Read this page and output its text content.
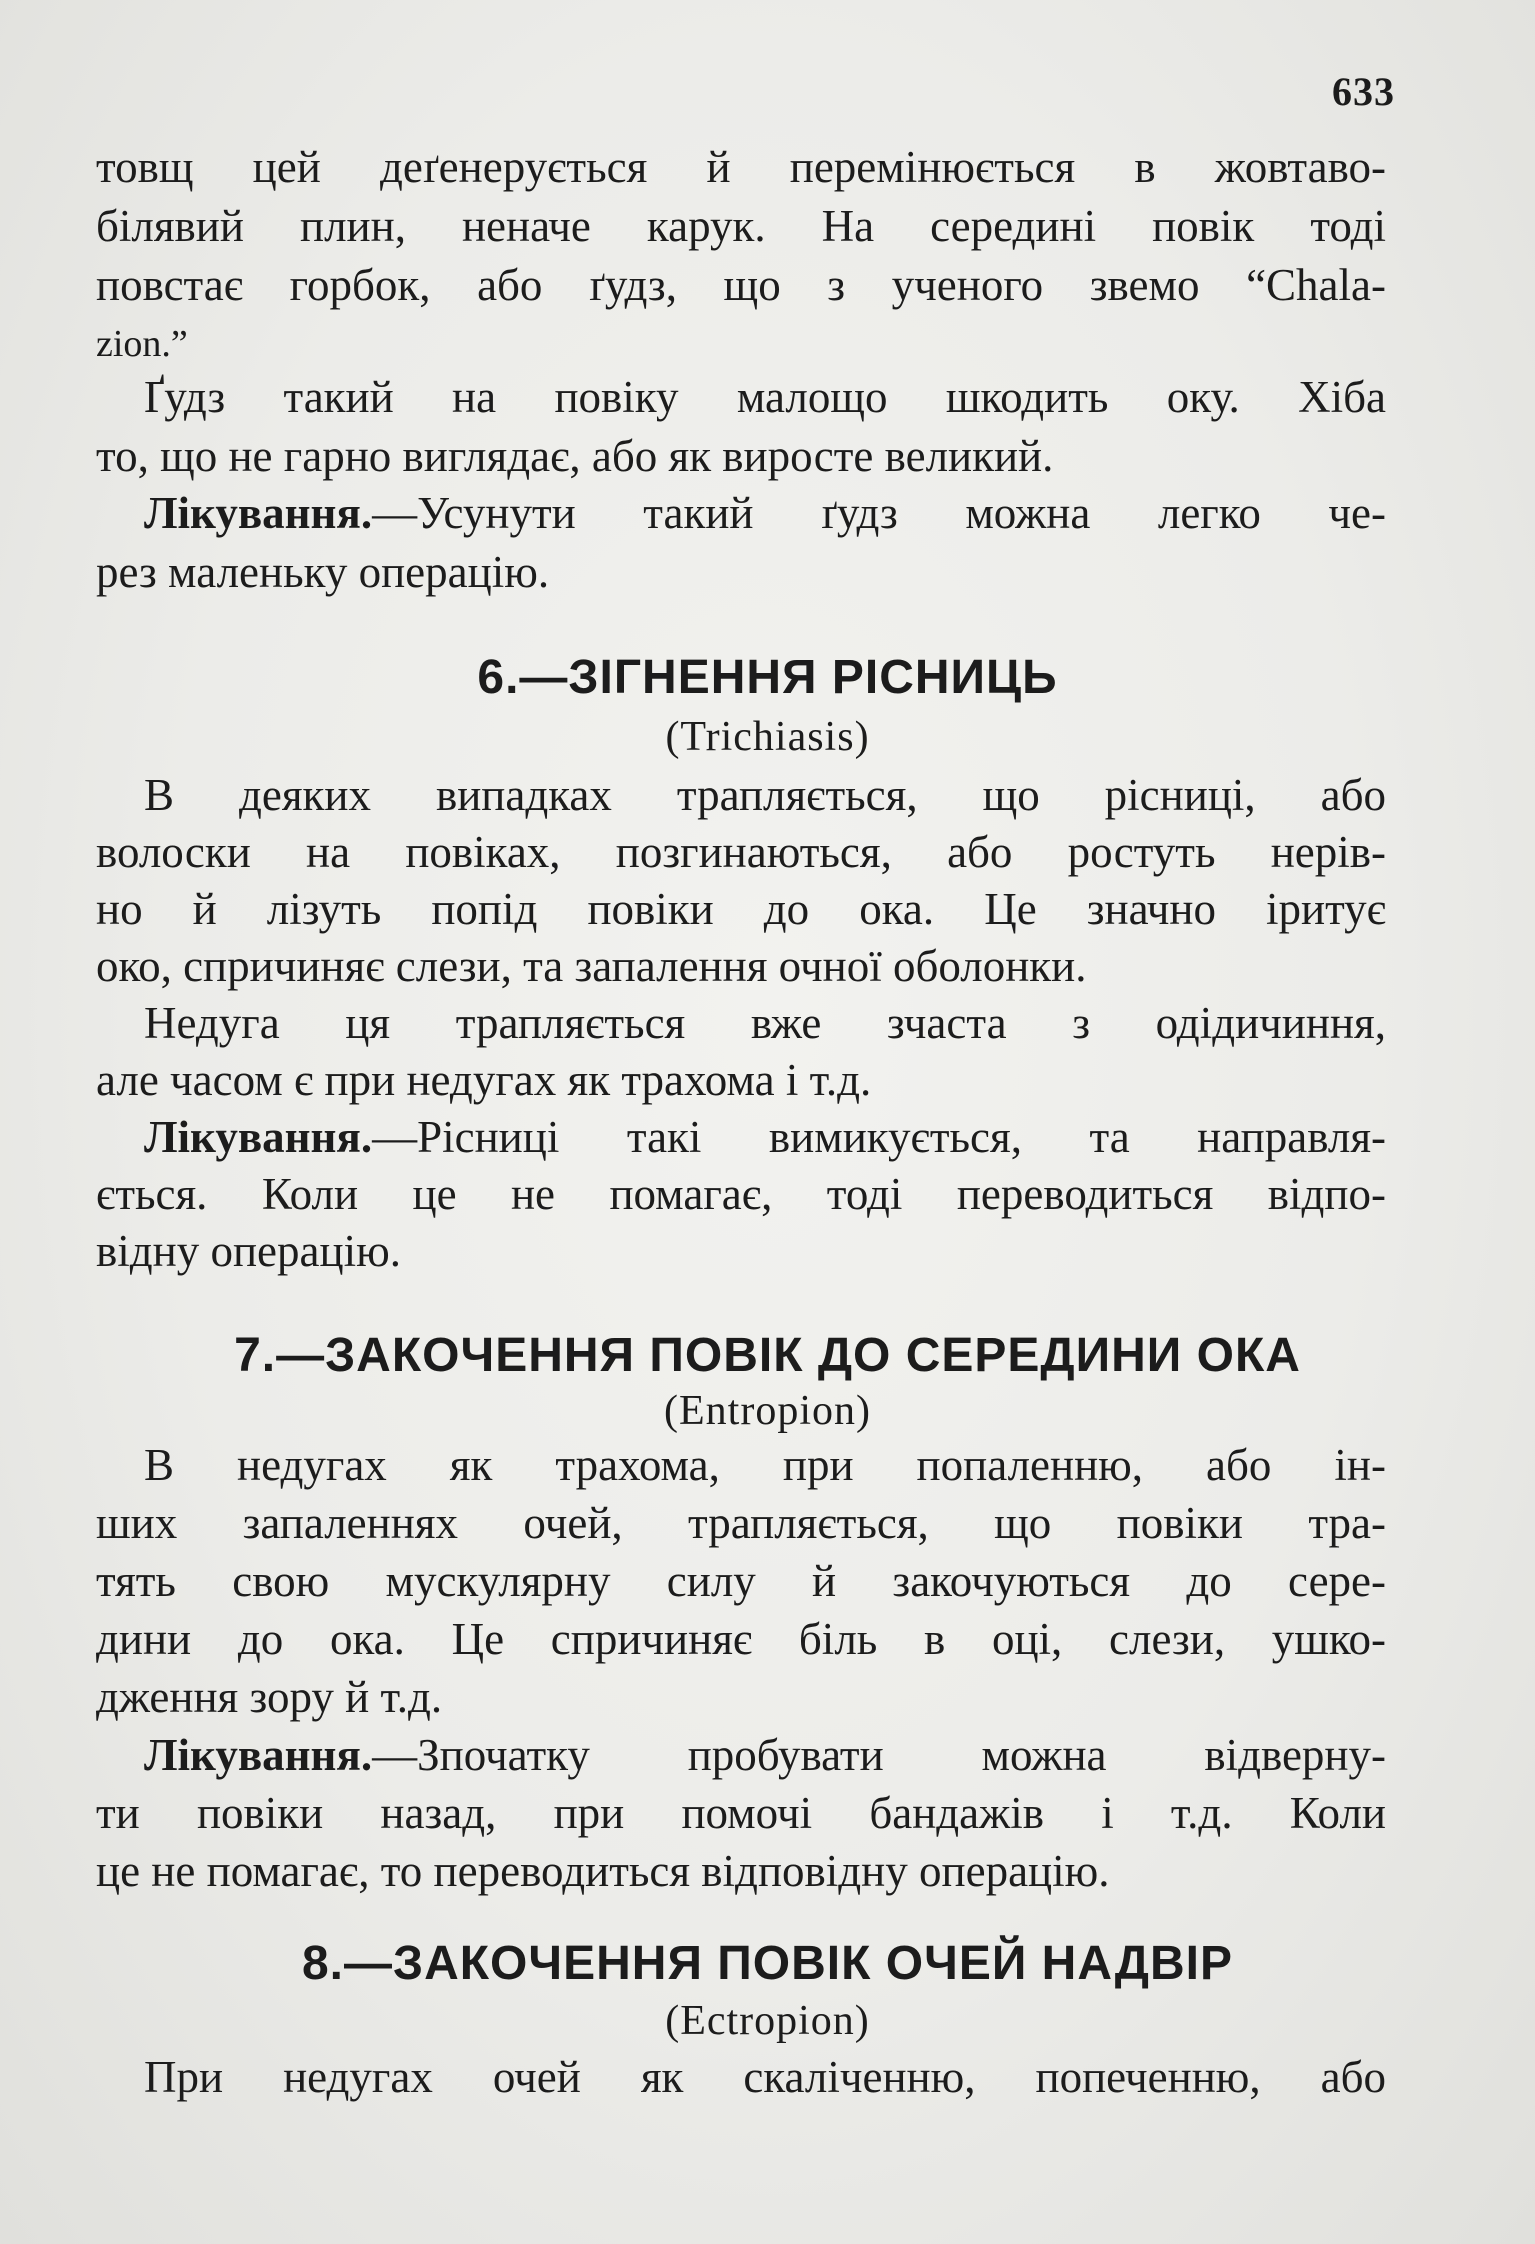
633
товщ цей деґенерується й перемінюється в жовтаво-
білявий плин, неначе карук. На середині повік тоді
повстає горбок, або ґудз, що з ученого звемо “Chala-
zion.”
Ґудз такий на повіку малощо шкодить оку. Хіба
то, що не гарно виглядає, або як виросте великий.
Лікування.—Усунути такий ґудз можна легко че-
рез маленьку операцію.
6.—ЗІГНЕННЯ РІСНИЦЬ
(Trichiasis)
В деяких випадках трапляється, що рісниці, або
волоски на повіках, позгинаються, або ростуть нерів-
но й лізуть попід повіки до ока. Це значно іритує
око, спричиняє слези, та запалення очної оболонки.
Недуга ця трапляється вже зчаста з одідичиння,
але часом є при недугах як трахома і т.д.
Лікування.—Рісниці такі вимикується, та направля-
ється. Коли це не помагає, тоді переводиться відпо-
відну операцію.
7.—ЗАКОЧЕННЯ ПОВІК ДО СЕРЕДИНИ ОКА
(Entropion)
В недугах як трахома, при попаленню, або ін-
ших запаленнях очей, трапляється, що повіки тра-
тять свою мускулярну силу й закочуються до сере-
дини до ока. Це спричиняє біль в оці, слези, ушко-
дження зору й т.д.
Лікування.—Зпочатку пробувати можна відверну-
ти повіки назад, при помочі бандажів і т.д. Коли
це не помагає, то переводиться відповідну операцію.
8.—ЗАКОЧЕННЯ ПОВІК ОЧЕЙ НАДВІР
(Ectropion)
При недугах очей як скаліченню, попеченню, або
